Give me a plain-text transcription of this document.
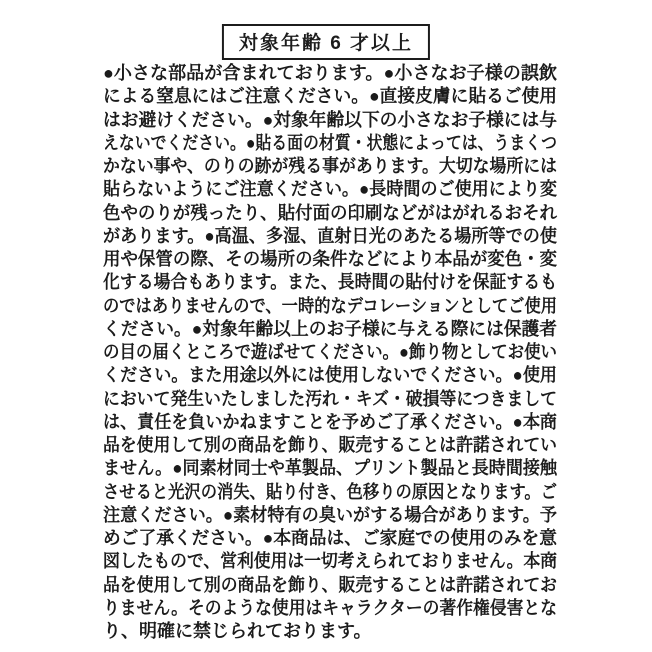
対象年齢 6 才以上
●小さな部品が含まれております。●小さなお子様の誤飲
による窒息にはご注意ください。●直接皮膚に貼るご使用
はお避けください。●対象年齢以下の小さなお子様には与
えないでください。●貼る面の材質・状態によっては、うまくつ
かない事や、のりの跡が残る事があります。大切な場所には
貼らないようにご注意ください。●長時間のご使用により変
色やのりが残ったり、貼付面の印刷などがはがれるおそれ
があります。●高温、多湿、直射日光のあたる場所等での使
用や保管の際、その場所の条件などにより本品が変色・変
化する場合もあります。また、長時間の貼付けを保証するも
のではありませんので、一時的なデコレーションとしてご使用
ください。●対象年齢以上のお子様に与える際には保護者
の目の届くところで遊ばせてください。●飾り物としてお使い
ください。また用途以外には使用しないでください。●使用
において発生いたしました汚れ・キズ・破損等につきまして
は、責任を負いかねますことを予めご了承ください。●本商
品を使用して別の商品を飾り、販売することは許諾されてい
ません。●同素材同士や革製品、プリント製品と長時間接触
させると光沢の消失、貼り付き、色移りの原因となります。ご
注意ください。●素材特有の臭いがする場合があります。予
めご了承ください。●本商品は、ご家庭での使用のみを意
図したもので、営利使用は一切考えられておりません。本商
品を使用して別の商品を飾り、販売することは許諾されてお
りません。そのような使用はキャラクターの著作権侵害とな
り、明確に禁じられております。
